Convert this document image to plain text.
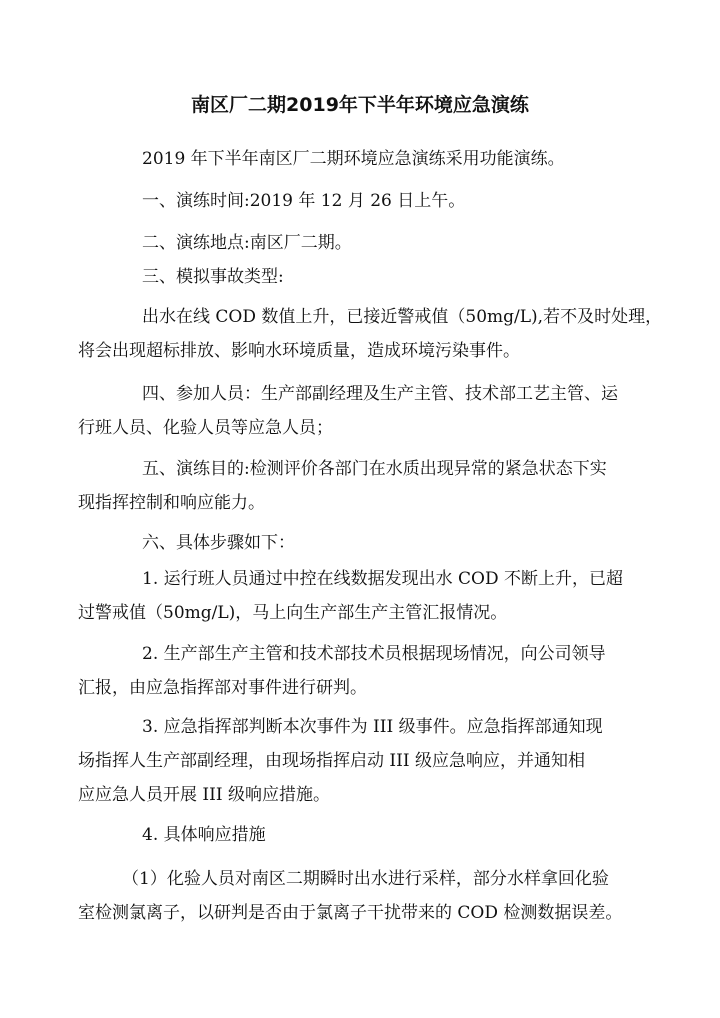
南区厂二期2019年下半年环境应急演练

2019 年下半年南区厂二期环境应急演练采用功能演练。

一、演练时间:2019 年 12 月 26 日上午。

二、演练地点:南区厂二期。

三、模拟事故类型:

出水在线 COD 数值上升，已接近警戒值（50mg/L),若不及时处理，
将会出现超标排放、影响水环境质量，造成环境污染事件。

四、参加人员：生产部副经理及生产主管、技术部工艺主管、运
行班人员、化验人员等应急人员；

五、演练目的:检测评价各部门在水质出现异常的紧急状态下实
现指挥控制和响应能力。

六、具体步骤如下：

1. 运行班人员通过中控在线数据发现出水 COD 不断上升，已超
过警戒值（50mg/L)，马上向生产部生产主管汇报情况。

2. 生产部生产主管和技术部技术员根据现场情况，向公司领导
汇报，由应急指挥部对事件进行研判。

3. 应急指挥部判断本次事件为 III 级事件。应急指挥部通知现
场指挥人生产部副经理，由现场指挥启动 III 级应急响应，并通知相
应应急人员开展 III 级响应措施。

4. 具体响应措施

（1）化验人员对南区二期瞬时出水进行采样，部分水样拿回化验
室检测氯离子，以研判是否由于氯离子干扰带来的 COD 检测数据误差。
